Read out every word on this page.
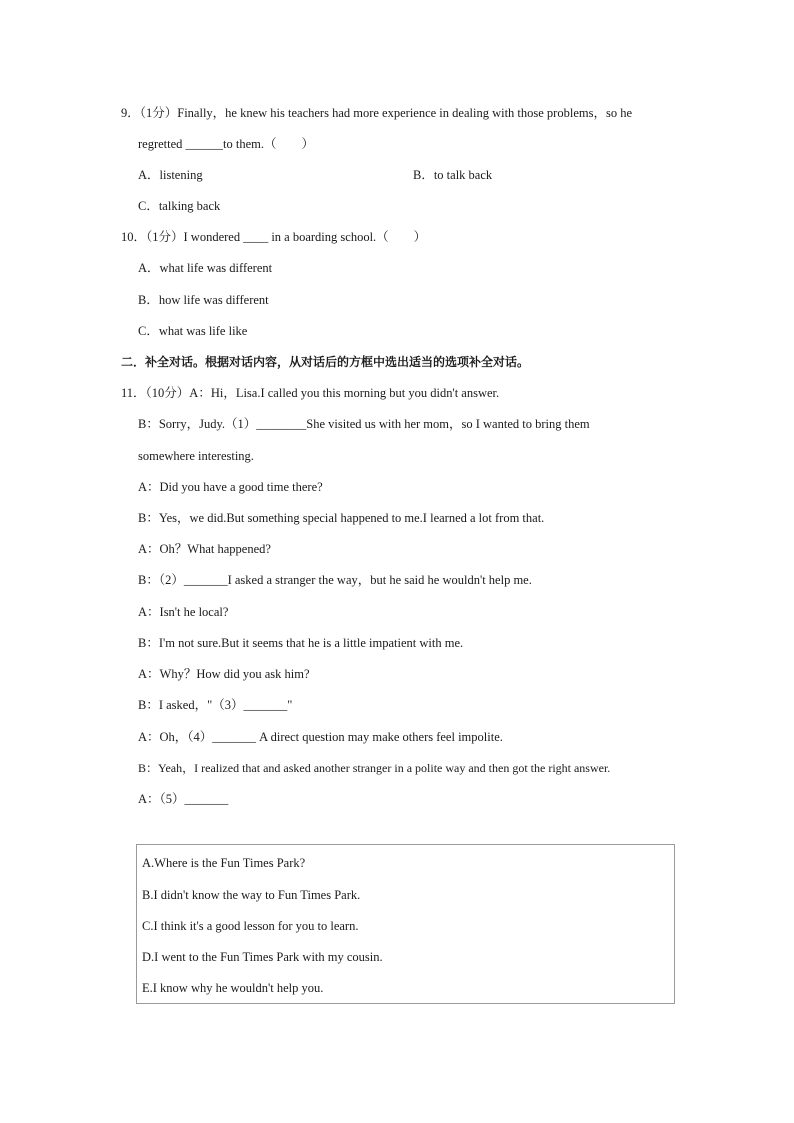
9．（1分）Finally，he knew his teachers had more experience in dealing with those problems，so he
regretted ______to them.（　　）
A．listening	B．to talk back
C．talking back
10．（1分）I wondered ____ in a boarding school.（　　）
A．what life was different
B．how life was different
C．what was life like
二．补全对话。根据对话内容，从对话后的方框中选出适当的选项补全对话。
11．（10分）A：Hi，Lisa.I called you this morning but you didn't answer.
B：Sorry，Judy.（1）________She visited us with her mom，so I wanted to bring them
somewhere interesting.
A：Did you have a good time there?
B：Yes，we did.But something special happened to me.I learned a lot from that.
A：Oh？What happened?
B：（2）_______I asked a stranger the way，but he said he wouldn't help me.
A：Isn't he local?
B：I'm not sure.But it seems that he is a little impatient with me.
A：Why？How did you ask him?
B：I asked，"（3）_______"
A：Oh，（4）_______ A direct question may make others feel impolite.
B：Yeah，I realized that and asked another stranger in a polite way and then got the right answer.
A：（5）_______
A.Where is the Fun Times Park?
B.I didn't know the way to Fun Times Park.
C.I think it's a good lesson for you to learn.
D.I went to the Fun Times Park with my cousin.
E.I know why he wouldn't help you.
